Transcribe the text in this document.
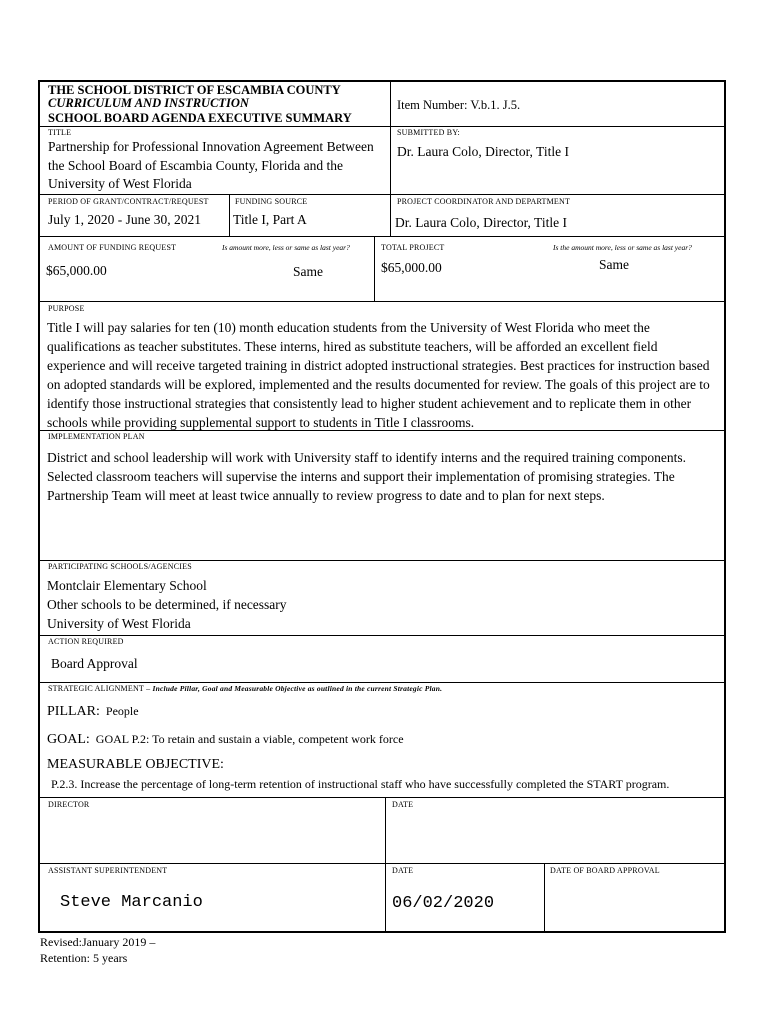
THE SCHOOL DISTRICT OF ESCAMBIA COUNTY
CURRICULUM AND INSTRUCTION
SCHOOL BOARD AGENDA EXECUTIVE SUMMARY
Item Number: V.b.1. J.5.
TITLE
Partnership for Professional Innovation Agreement Between
the School Board of Escambia County, Florida and the
University of West Florida
SUBMITTED BY:
Dr. Laura Colo, Director, Title I
PERIOD OF GRANT/CONTRACT/REQUEST
July 1, 2020 - June 30, 2021
FUNDING SOURCE
Title I, Part A
PROJECT COORDINATOR AND DEPARTMENT
Dr. Laura Colo, Director, Title I
AMOUNT OF FUNDING REQUEST	Is amount more, less or same as last year?
$65,000.00	Same
TOTAL PROJECT	Is the amount more, less or same as last year?
$65,000.00	Same
PURPOSE
Title I will pay salaries for ten (10) month education students from the University of West Florida who meet the qualifications as teacher substitutes. These interns, hired as substitute teachers, will be afforded an excellent field experience and will receive targeted training in district adopted instructional strategies. Best practices for instruction based on adopted standards will be explored, implemented and the results documented for review. The goals of this project are to identify those instructional strategies that consistently lead to higher student achievement and to replicate them in other schools while providing supplemental support to students in Title I classrooms.
IMPLEMENTATION PLAN
District and school leadership will work with University staff to identify interns and the required training components. Selected classroom teachers will supervise the interns and support their implementation of promising strategies. The Partnership Team will meet at least twice annually to review progress to date and to plan for next steps.
PARTICIPATING SCHOOLS/AGENCIES
Montclair Elementary School
Other schools to be determined, if necessary
University of West Florida
ACTION REQUIRED
Board Approval
STRATEGIC ALIGNMENT – Include Pillar, Goal and Measurable Objective as outlined in the current Strategic Plan.
PILLAR: People
GOAL: GOAL P.2: To retain and sustain a viable, competent work force
MEASURABLE OBJECTIVE:
P.2.3. Increase the percentage of long-term retention of instructional staff who have successfully completed the START program.
DIRECTOR	DATE
ASSISTANT SUPERINTENDENT	DATE	DATE OF BOARD APPROVAL
Steve Marcanio	06/02/2020
Revised:January 2019 –
Retention: 5 years
